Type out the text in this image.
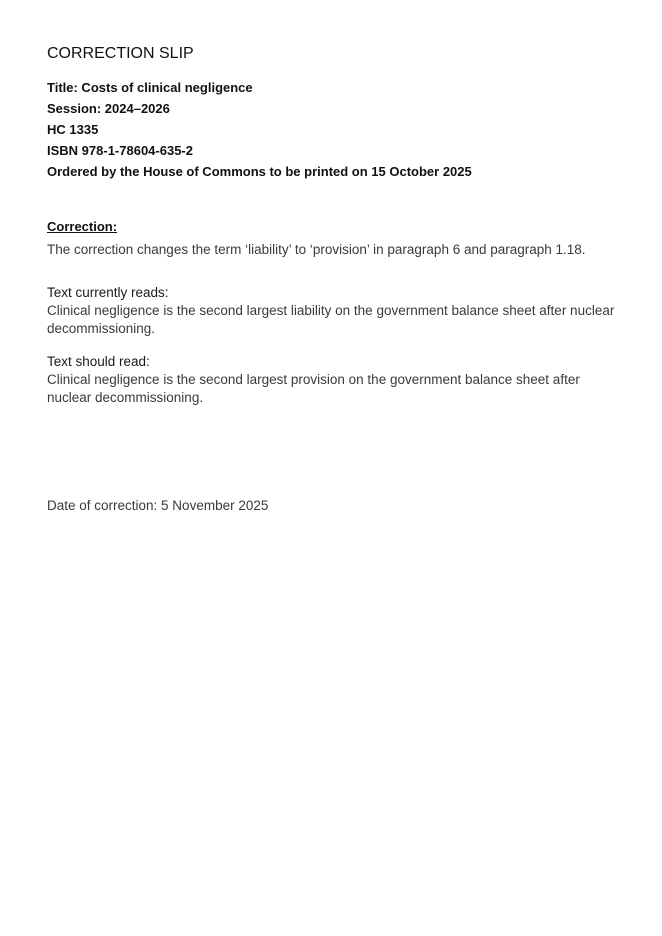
CORRECTION SLIP
Title: Costs of clinical negligence
Session: 2024–2026
HC 1335
ISBN 978-1-78604-635-2
Ordered by the House of Commons to be printed on 15 October 2025
Correction:
The correction changes the term ‘liability’ to ‘provision’ in paragraph 6 and paragraph 1.18.
Text currently reads:
Clinical negligence is the second largest liability on the government balance sheet after nuclear decommissioning.
Text should read:
Clinical negligence is the second largest provision on the government balance sheet after nuclear decommissioning.
Date of correction: 5 November 2025
